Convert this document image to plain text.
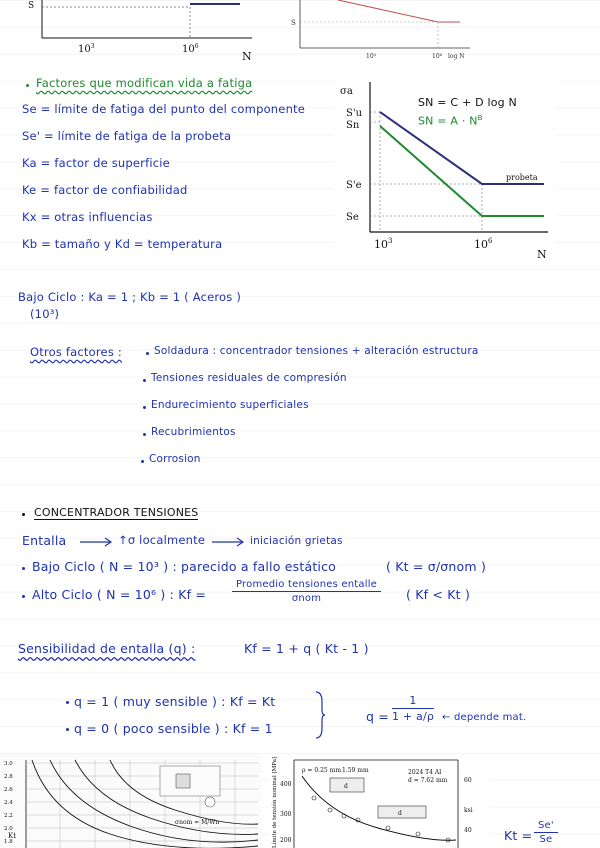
S
$10^3$	$10^6$
N
S
$10^3$	$10^6$ log N
Factores que modifican vida a fatiga
Se = límite de fatiga del punto del componente
Se' = límite de fatiga de la probeta
Ka = factor de superficie
Ke = factor de confiabilidad
Kx = otras influencias
Kb = tamaño y Kd = temperatura
σa
S'u
Sn
S'e
Se
$10^3$	$10^6$
N
probeta
SN = C + D log N
SN = $A \cdot N^B$
Bajo Ciclo : Ka = 1 ; Kb = 1 ( Aceros )
(10³)
Otros factores :	Soldadura : concentrador tensiones + alteración estructura
Tensiones residuales de compresión
Endurecimiento superficiales
Recubrimientos
Corrosion
CONCENTRADOR TENSIONES
Entalla	↑σ localmente	iniciación grietas
Bajo Ciclo ( N = 10³ ) : parecido a fallo estático	( Kt = σ/σnom )
Alto Ciclo ( N = 10⁶ ) : Kf =
Promedio tensiones entalle
σnom	( Kf < Kt )
Sensibilidad de entalla (q) :	Kf = 1 + q ( Kt - 1 )
q = 1 ( muy sensible ) : Kf = Kt
q = 0 ( poco sensible ) : Kf = 1
$q = \frac{1}{1 + a/\rho}$ ← depende mat.
σnom = M/Wn
3.0
2.8
2.6
2.4
2.2
2.0
1.8
Kt
ρ = 0.25 mm 1.59 mm	2024 T4 Al
d = 7.62 mm
d
d
400
300
200
60
40
ksi
Límite de tensión nominal [MPa]	$Kt = \frac{Se'}{Se}$
